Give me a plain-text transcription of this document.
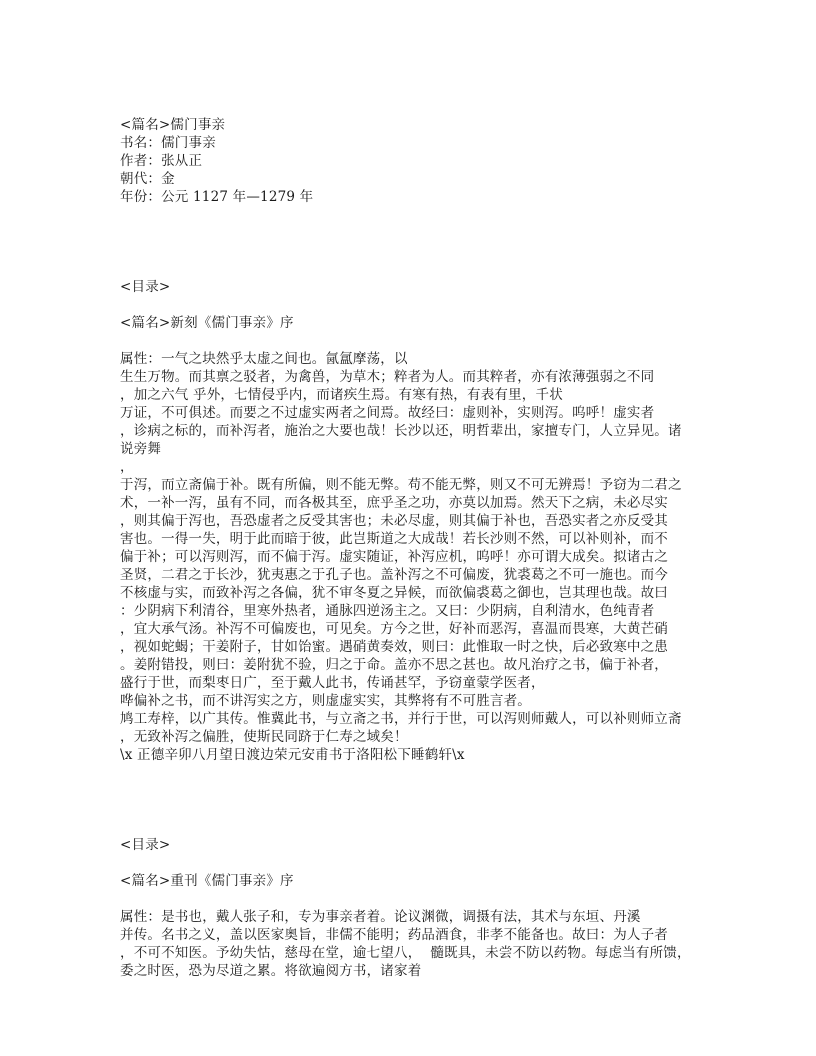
<篇名>儒门事亲
书名：儒门事亲
作者：张从正
朝代：金
年份：公元 1127 年—1279 年
<目录>
<篇名>新刻《儒门事亲》序
属性：一气之块然乎太虚之间也。氤氲摩荡，以
生生万物。而其禀之驳者，为禽兽，为草木；粹者为人。而其粹者，亦有浓薄强弱之不同
，加之六气 乎外，七情侵乎内，而诸疾生焉。有寒有热，有表有里，千状
万证，不可俱述。而要之不过虚实两者之间焉。故经曰：虚则补，实则泻。呜呼！虚实者
，诊病之标的，而补泻者，施治之大要也哉！长沙以还，明哲辈出，家擅专门，人立异见。诸
说旁舞
，
于泻，而立斋偏于补。既有所偏，则不能无弊。苟不能无弊，则又不可无辨焉！予窃为二君之
术，一补一泻，虽有不同，而各极其至，庶乎圣之功，亦莫以加焉。然天下之病，未必尽实
，则其偏于泻也，吾恐虚者之反受其害也；未必尽虚，则其偏于补也，吾恐实者之亦反受其
害也。一得一失，明于此而暗于彼，此岂斯道之大成哉！若长沙则不然，可以补则补，而不
偏于补；可以泻则泻，而不偏于泻。虚实随证，补泻应机，呜呼！亦可谓大成矣。拟诸古之
圣贤，二君之于长沙，犹夷惠之于孔子也。盖补泻之不可偏废，犹裘葛之不可一施也。而今
不核虚与实，而致补泻之各偏，犹不审冬夏之异候，而欲偏裘葛之御也，岂其理也哉。故曰
：少阴病下利清谷，里寒外热者，通脉四逆汤主之。又曰：少阴病，自利清水，色纯青者
，宜大承气汤。补泻不可偏废也，可见矣。方今之世，好补而恶泻，喜温而畏寒，大黄芒硝
，视如蛇蝎；干姜附子，甘如饴蜜。遇硝黄奏效，则曰：此惟取一时之快，后必致寒中之患
。姜附错投，则曰：姜附犹不验，归之于命。盖亦不思之甚也。故凡治疗之书，偏于补者，
盛行于世，而梨枣日广，至于戴人此书，传诵甚罕，予窃童蒙学医者，
哗偏补之书，而不讲泻实之方，则虚虚实实，其弊将有不可胜言者。
鸠工寿梓，以广其传。惟冀此书，与立斋之书，并行于世，可以泻则师戴人，可以补则师立斋
，无致补泻之偏胜，使斯民同跻于仁寿之域矣！
\x 正德辛卯八月望日渡边荣元安甫书于洛阳松下睡鹤轩\x
<目录>
<篇名>重刊《儒门事亲》序
属性：是书也，戴人张子和，专为事亲者着。论议渊微，调摄有法，其术与东垣、丹溪
并传。名书之义，盖以医家奥旨，非儒不能明；药品酒食，非孝不能备也。故曰：为人子者
，不可不知医。予幼失怙，慈母在堂，逾七望八，  髓既具，未尝不防以药物。每虑当有所馈，
委之时医，恐为尽道之累。将欲遍阅方书，诸家着
